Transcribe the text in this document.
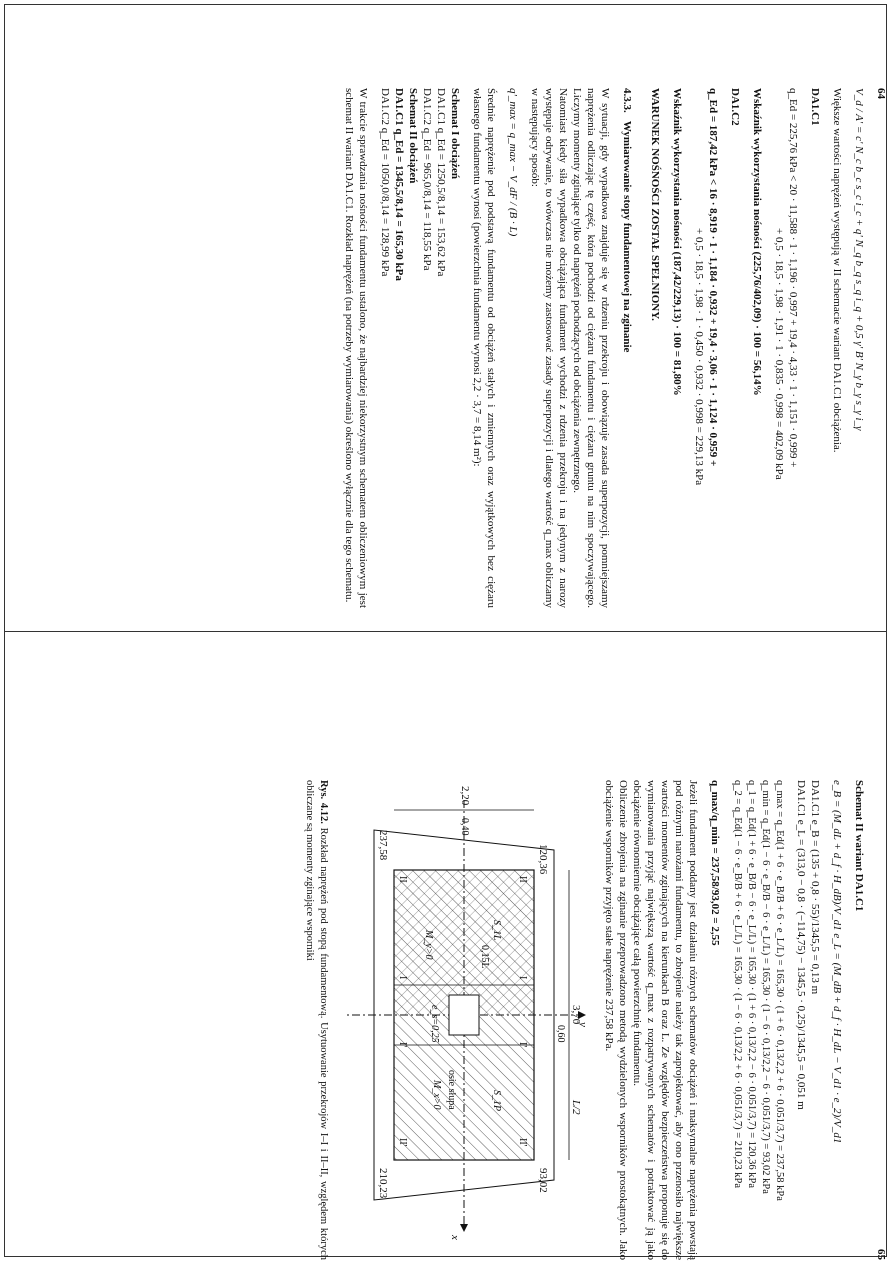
64

V_d / A' = c' N_c b_c s_c i_c + q' N_q b_q s_q i_q + 0,5 γ' B' N_γ b_γ s_γ i_γ

Większe wartości naprężeń występują w II schemacie wariant DA1.C1 obciążenia.

DA1.C1

q_Ed = 225,76 kPa < 20 · 11,588 · 1 · 1,196 · 0,997 + 19,4 · 4,33 · 1 · 1,151 · 0,999 +

+ 0,5 · 18,5 · 1,98 · 1,91 · 1 · 0,835 · 0,998 = 402,09 kPa

Wskaźnik wykorzystania nośności (225,76/402,09) · 100 = 56,14%

DA1.C2

q_Ed = 187,42 kPa < 16 · 8,919 · 1 · 1,184 · 0,932 + 19,4 · 3,06 · 1 · 1,124 · 0,959 +

+ 0,5 · 18,5 · 1,98 · 1 · 0,450 · 0,932 · 0,998 = 229,13 kPa

Wskaźnik wykorzystania nośności (187,42/229,13) · 100 = 81,80%

WARUNEK NOŚNOŚCI ZOSTAŁ SPEŁNIONY.

4.3.3.   Wymiarowanie stopy fundamentowej na zginanie

W sytuacji, gdy wypadkowa znajduje się w rdzeniu przekroju i obowiązuje zasada superpozycji, pomniejszamy naprężenia odliczając tę część, która pochodzi od ciężaru fundamentu i ciężaru gruntu na nim spoczywającego. Liczymy momenty zginające tylko od naprężeń pochodzących od obciążenia zewnętrznego.

Natomiast kiedy siła wypadkowa obciążająca fundament wychodzi z rdzenia przekroju i na jedynym z narozy występuje odrywanie, to wówczas nie możemy zastosować zasady superpozycji i dlatego wartość q_max obliczamy w następujący sposób:

q'_max = q_max − V_dF / (B · L)

Średnie naprężenie pod podstawą fundamentu od obciążeń stałych i zmiennych oraz wyjątkowych bez ciężaru własnego fundamentu wynosi (powierzchnia fundamentu wynosi 2,2 · 3,7 = 8,14 m²):

Schemat I obciążeń

DA1.C1 q_Ed = 1250,5/8,14 = 153,62 kPa

DA1.C2 q_Ed = 965,0/8,14 = 118,55 kPa

Schemat II obciążeń

DA1.C1 q_Ed = 1345,5/8,14 = 165,30 kPa

DA1.C2 q_Ed = 1050,0/8,14 = 128,99 kPa

W trakcie sprawdzania nośności fundamentu ustalono, że najbardziej niekorzystnym schematem obliczeniowym jest schemat II wariant DA1.C1. Rozkład naprężeń (na potrzeby wymiarowania) określono wyłącznie dla tego schematu.

65

Schemat II wariant DA1.C1

e_B = (M_dL + d_f · H_dB)/V_d1 e_L = (M_dB + d_f · H_dL − V_d1 · e_2)/V_d1

DA1.C1 e_B = (135 + 0,8 · 55)/1345,5 = 0,13 m

DA1.C1 e_L = (313,0 − 0,8 · (−114,75) − 1345,5 · 0,25)/1345,5 = 0,051 m

q_max = q_Ed(1 + 6 · e_B/B + 6 · e_L/L) = 165,30 · (1 + 6 · 0,13/2,2 + 6 · 0,051/3,7) = 237,58 kPa

q_min = q_Ed(1 − 6 · e_B/B − 6 · e_L/L) = 165,30 · (1 − 6 · 0,13/2,2 − 6 · 0,051/3,7) = 93,02 kPa

q_1 = q_Ed(1 + 6 · e_B/B − 6 · e_L/L) = 165,30 · (1 + 6 · 0,13/2,2 − 6 · 0,051/3,7) = 120,36 kPa

q_2 = q_Ed(1 − 6 · e_B/B + 6 · e_L/L) = 165,30 · (1 − 6 · 0,13/2,2 + 6 · 0,051/3,7) = 210,23 kPa

q_max/q_min = 237,58/93,02 = 2,55

Jeżeli fundament poddany jest działaniu różnych schematów obciążeń i maksymalne naprężenia powstają pod różnymi narożami fundamentu, to zbrojenie należy tak zaprojektować, aby ono przenosiło największe wartości momentów zginających na kierunkach B oraz L. Ze względów bezpieczeństwa proponuje się do wymiarowania przyjąć największą wartość q_max z rozpatrywanych schematów i potraktować ją jako obciążenie równomiernie obciążające całą powierzchnię fundamentu.

Obliczenie zbrojenia na zginanie przeprowadzono metodą wydzielonych wsporników prostokątnych. Jako obciążenie wsporników przyjęto stałe naprężenie 237,58 kPa.

x
y
3,70
0,60
L/2
2,20
0,40
120,36
93,02
237,58
210,23
II
II'
I
I'
I
I'
II
II'
S_1L
S_1P
0,15L
e_s=0,25
M_y>0
M_x>0 osie słupa

Rys. 4.12. Rozkład naprężeń pod stopą fundamentową. Usytuowanie przekrojów I–I i II–II, względem których obliczane są momenty zginające wsporniki
